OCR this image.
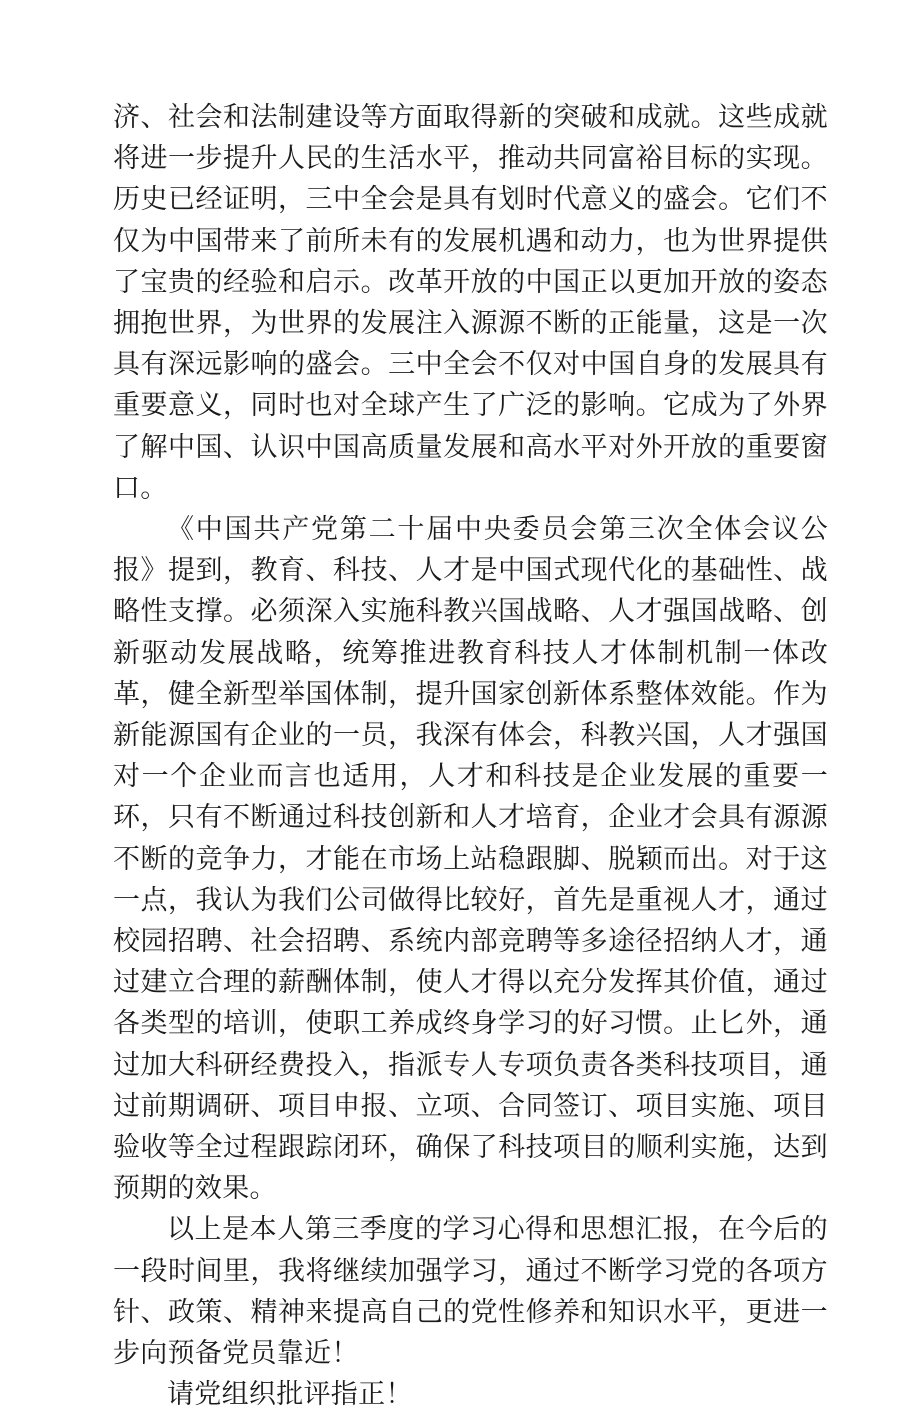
济、社会和法制建设等方面取得新的突破和成就。这些成就将进一步提升人民的生活水平，推动共同富裕目标的实现。历史已经证明，三中全会是具有划时代意义的盛会。它们不仅为中国带来了前所未有的发展机遇和动力，也为世界提供了宝贵的经验和启示。改革开放的中国正以更加开放的姿态拥抱世界，为世界的发展注入源源不断的正能量，这是一次具有深远影响的盛会。三中全会不仅对中国自身的发展具有重要意义，同时也对全球产生了广泛的影响。它成为了外界了解中国、认识中国高质量发展和高水平对外开放的重要窗口。

《中国共产党第二十届中央委员会第三次全体会议公报》提到，教育、科技、人才是中国式现代化的基础性、战略性支撑。必须深入实施科教兴国战略、人才强国战略、创新驱动发展战略，统筹推进教育科技人才体制机制一体改革，健全新型举国体制，提升国家创新体系整体效能。作为新能源国有企业的一员，我深有体会，科教兴国，人才强国对一个企业而言也适用，人才和科技是企业发展的重要一环，只有不断通过科技创新和人才培育，企业才会具有源源不断的竞争力，才能在市场上站稳跟脚、脱颖而出。对于这一点，我认为我们公司做得比较好，首先是重视人才，通过校园招聘、社会招聘、系统内部竞聘等多途径招纳人才，通过建立合理的薪酬体制，使人才得以充分发挥其价值，通过各类型的培训，使职工养成终身学习的好习惯。止匕外，通过加大科研经费投入，指派专人专项负责各类科技项目，通过前期调研、项目申报、立项、合同签订、项目实施、项目验收等全过程跟踪闭环，确保了科技项目的顺利实施，达到预期的效果。

以上是本人第三季度的学习心得和思想汇报，在今后的一段时间里，我将继续加强学习，通过不断学习党的各项方针、政策、精神来提高自己的党性修养和知识水平，更进一步向预备党员靠近！

请党组织批评指正！
